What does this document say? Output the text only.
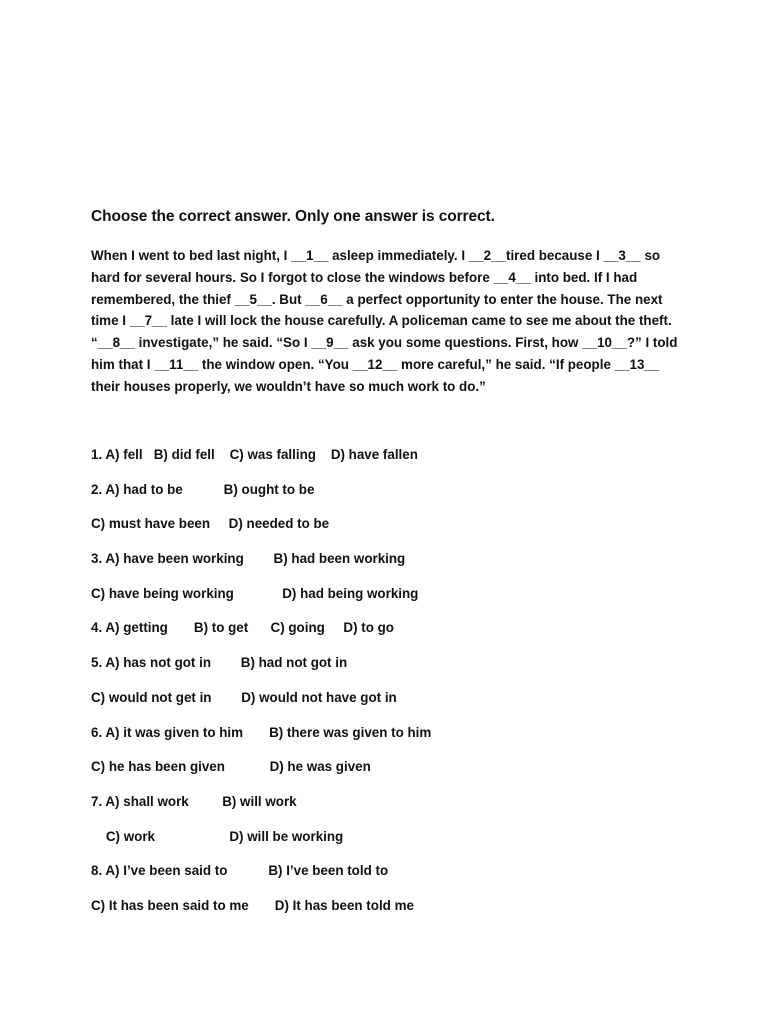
Choose the correct answer. Only one answer is correct.

When I went to bed last night, I __1__ asleep immediately. I __2__tired because I __3__ so

hard for several hours. So I forgot to close the windows before __4__ into bed. If I had

remembered, the thief __5__. But __6__ a perfect opportunity to enter the house. The next

time I __7__ late I will lock the house carefully. A policeman came to see me about the theft.

“__8__ investigate,” he said. “So I __9__ ask you some questions. First, how __10__?” I told

him that I __11__ the window open. “You __12__ more careful,” he said. “If people __13__

their houses properly, we wouldn’t have so much work to do.”

1. A) fell   B) did fell    C) was falling    D) have fallen
2. A) had to be           B) ought to be
C) must have been     D) needed to be
3. A) have been working        B) had been working
C) have being working             D) had being working
4. A) getting       B) to get      C) going     D) to go
5. A) has not got in        B) had not got in
C) would not get in        D) would not have got in
6. A) it was given to him       B) there was given to him
C) he has been given            D) he was given
7. A) shall work         B) will work
C) work                    D) will be working
8. A) I’ve been said to           B) I’ve been told to
C) It has been said to me       D) It has been told me
